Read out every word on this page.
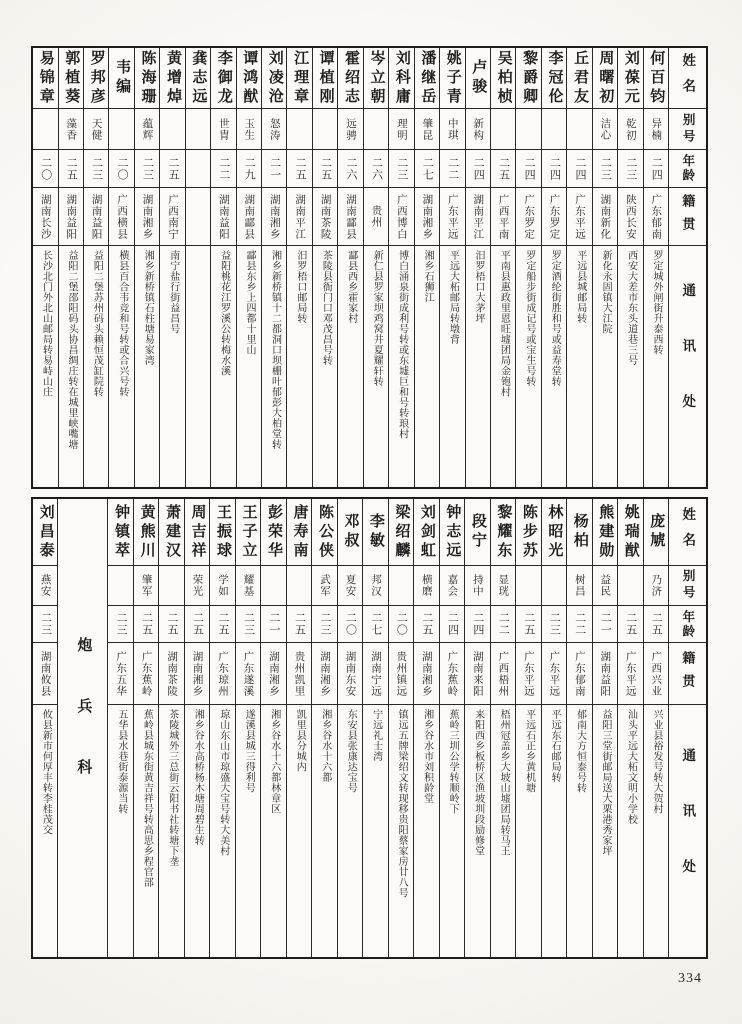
姓名
别号
年龄
籍贯
通讯处
何百钧
异楠
二四
广东郁南
罗定城外闸街升泰西转
刘葆元
乾初
二三
陕西长安
西安大差市东头道巷三号
周曙初
洁心
二三
湖南新化
新化永固镇大江院
丘君友
二四
广东平远
平远县城邮局转
李冠伦
二四
广东罗定
罗定酒纶街胜和号或益寿堂转
黎爵卿
二四
广东罗定
罗定船步街成记号或宝生号转
吴柏桢
二五
广西平南
平南县惠政里恩旺墟团局金铇村
卢骏
新构
二四
湖南平江
汨罗梧口大茅坪
姚子青
中琪
二二
广东平远
平远大柘邮局转墩背
潘继岳
肇昆
二七
湖南湘乡
湘乡石狮江
刘科庸
理明
二三
广西博白
博白涌泉街成利号转或东墟巨和号转琅村
岑立朝
二六
贵州
新仁县罗家坝鸡窝井夏耀轩转
霍绍志
远骋
二六
湖南酃县
酃县西乡霍家村
谭植刚
二五
湖南茶陵
茶陵县衙门口邓茂昌号转
江理章
二五
湖南平江
汨罗梧口邮局转
刘凌沧
怒涛
二一
湖南湘乡
湘乡新桥镇十二都洞口坝栅叶郁彭大柏堂转
谭鸿猷
玉生
二九
湖南酃县
酃县东乡上四都十里山
李御龙
世胄
二二
湖南益阳
益阳桃花江罗溪公转梅水溪
龚志远
黄增焯
二五
广西南宁
南宁盐行街益昌号
陈海珊
蕴辉
二三
湖南湘乡
湘乡新桥镇石柱塘易家湾
韦编
二〇
广西横县
横县百合韦竞和号转或合兴号转
罗邦彦
天健
二三
湖南益阳
益阳二堡苏州码头赖恒茂缸院转
郭植葵
藻香
二五
湖南益阳
益阳二堡邵阳码头协昌绸庄转在城里峡嘴塘
易锦章
二〇
湖南长沙
长沙北门外北山邮局转易峙山庄
姓名
别号
年龄
籍贯
通讯处
庞虓
乃济
二五
广西兴业
兴业县裕发号转大贺村
姚瑞猷
二五
广东平远
汕头平远大柘文明小学校
熊建勋
益民
二一
湖南益阳
益阳三堂街邮局送大栗港秀家坪
杨柏
树昌
二二
广东郁南
郁南大方恒泰号转
林昭光
二三
广东平远
平远东石邮局转
陈步苏
二五
广东平远
平远石正乡黄机塘
黎耀东
显珖
二二
广西梧州
梧州冠盖乡大坡山墟团局转马王
段宁
持中
二四
湖南来阳
来阳西乡板桥区渔坡圳段励修堂
钟志远
嘉会
二四
广东蕉岭
蕉岭三圳公学转顺岭下
刘剑虹
横磨
二五
湖南湘乡
湘乡谷水市刘积龄堂
梁绍麟
二〇
贵州镇远
镇远五牌梁绍文转现移贵阳蔡家房廿八号
李敏
邦汉
二七
湖南宁远
宁远礼士湾
邓叔
夏安
二〇
湖南东安
东安县张康达宝号
陈公侠
武军
二三
湖南湘乡
湘乡谷水十六都
唐寿南
二五
贵州凯里
凯里县分城内
彭荣华
二一
湖南湘乡
湘乡谷水十六都林章区
王子立
耀基
二三
广东遂溪
遂溪县城三得利号
王振球
学如
二五
广东琼州
琼山东山市琼盛大宝号转大美村
周吉祥
荣光
二五
湖南湘乡
湘乡谷水高桥杨木塘周碧生转
萧建汉
二五
湖南茶陵
茶陵城外三总街云阳书社转塘下垄
黄熊川
肇军
二五
广东蕉岭
蕉岭县城东街黄吉祥号转高思乡程官部
钟镇萃
二三
广东五华
五华县水巷街泰源当转
炮兵科
刘昌泰
燕安
二三
湖南攸县
攸县新市何厚丰转李桂茂交
334
